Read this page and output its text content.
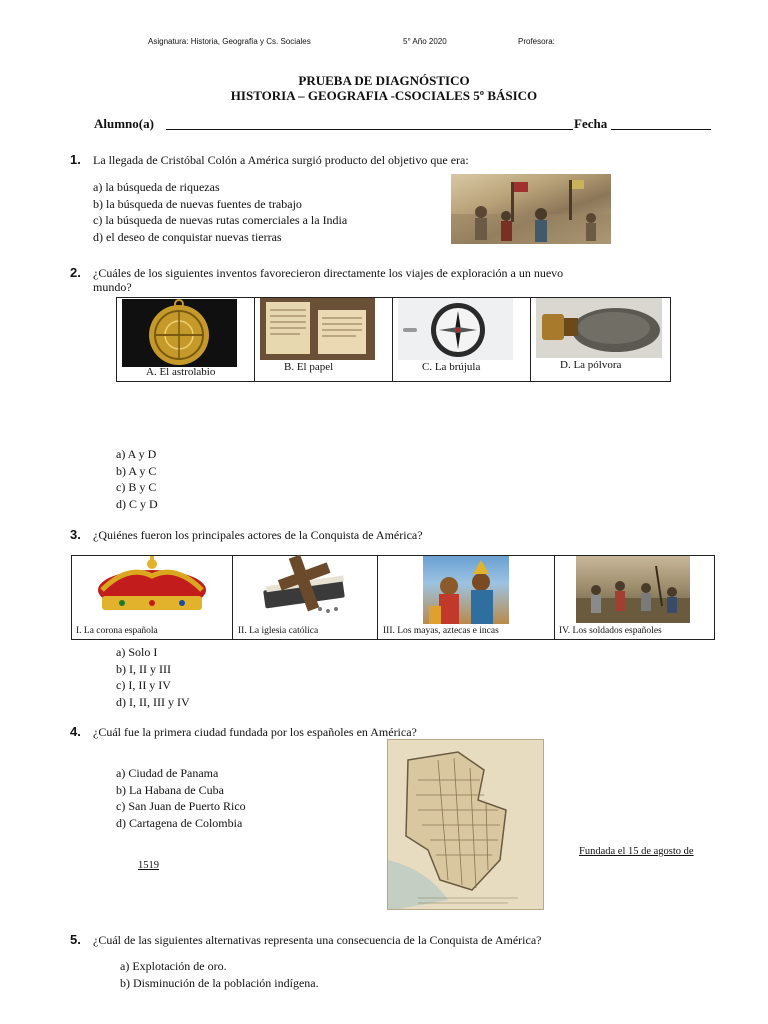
Asignatura: Historia, Geografía y Cs. Sociales	5° Año 2020	Profesora:
PRUEBA DE DIAGNÓSTICO
HISTORIA – GEOGRAFIA -CSOCIALES 5º BÁSICO
Alumno(a)	Fecha
1. La llegada de Cristóbal Colón a América surgió producto del objetivo que era:
a) la búsqueda de riquezas
b) la búsqueda de nuevas fuentes de trabajo
c) la búsqueda de nuevas rutas comerciales a la India
d) el deseo de conquistar nuevas tierras
2. ¿Cuáles de los siguientes inventos favorecieron directamente los viajes de exploración a un nuevo
mundo?
A. El astrolabio	B. El papel	C. La brújula	D. La pólvora
a) A y D
b) A y C
c) B y C
d) C y D
3. ¿Quiénes fueron los principales actores de la Conquista de América?
I. La corona española	II. La iglesia católica	III. Los mayas, aztecas e incas	IV. Los soldados españoles
a) Solo I
b) I, II y III
c) I, II y IV
d) I, II, III y IV
4. ¿Cuál fue la primera ciudad fundada por los españoles en América?
a) Ciudad de Panama
b) La Habana de Cuba
c) San Juan de Puerto Rico
d) Cartagena de Colombia
Fundada el 15 de agosto de
1519
5. ¿Cuál de las siguientes alternativas representa una consecuencia de la Conquista de América?
a) Explotación de oro.
b) Disminución de la población indígena.
